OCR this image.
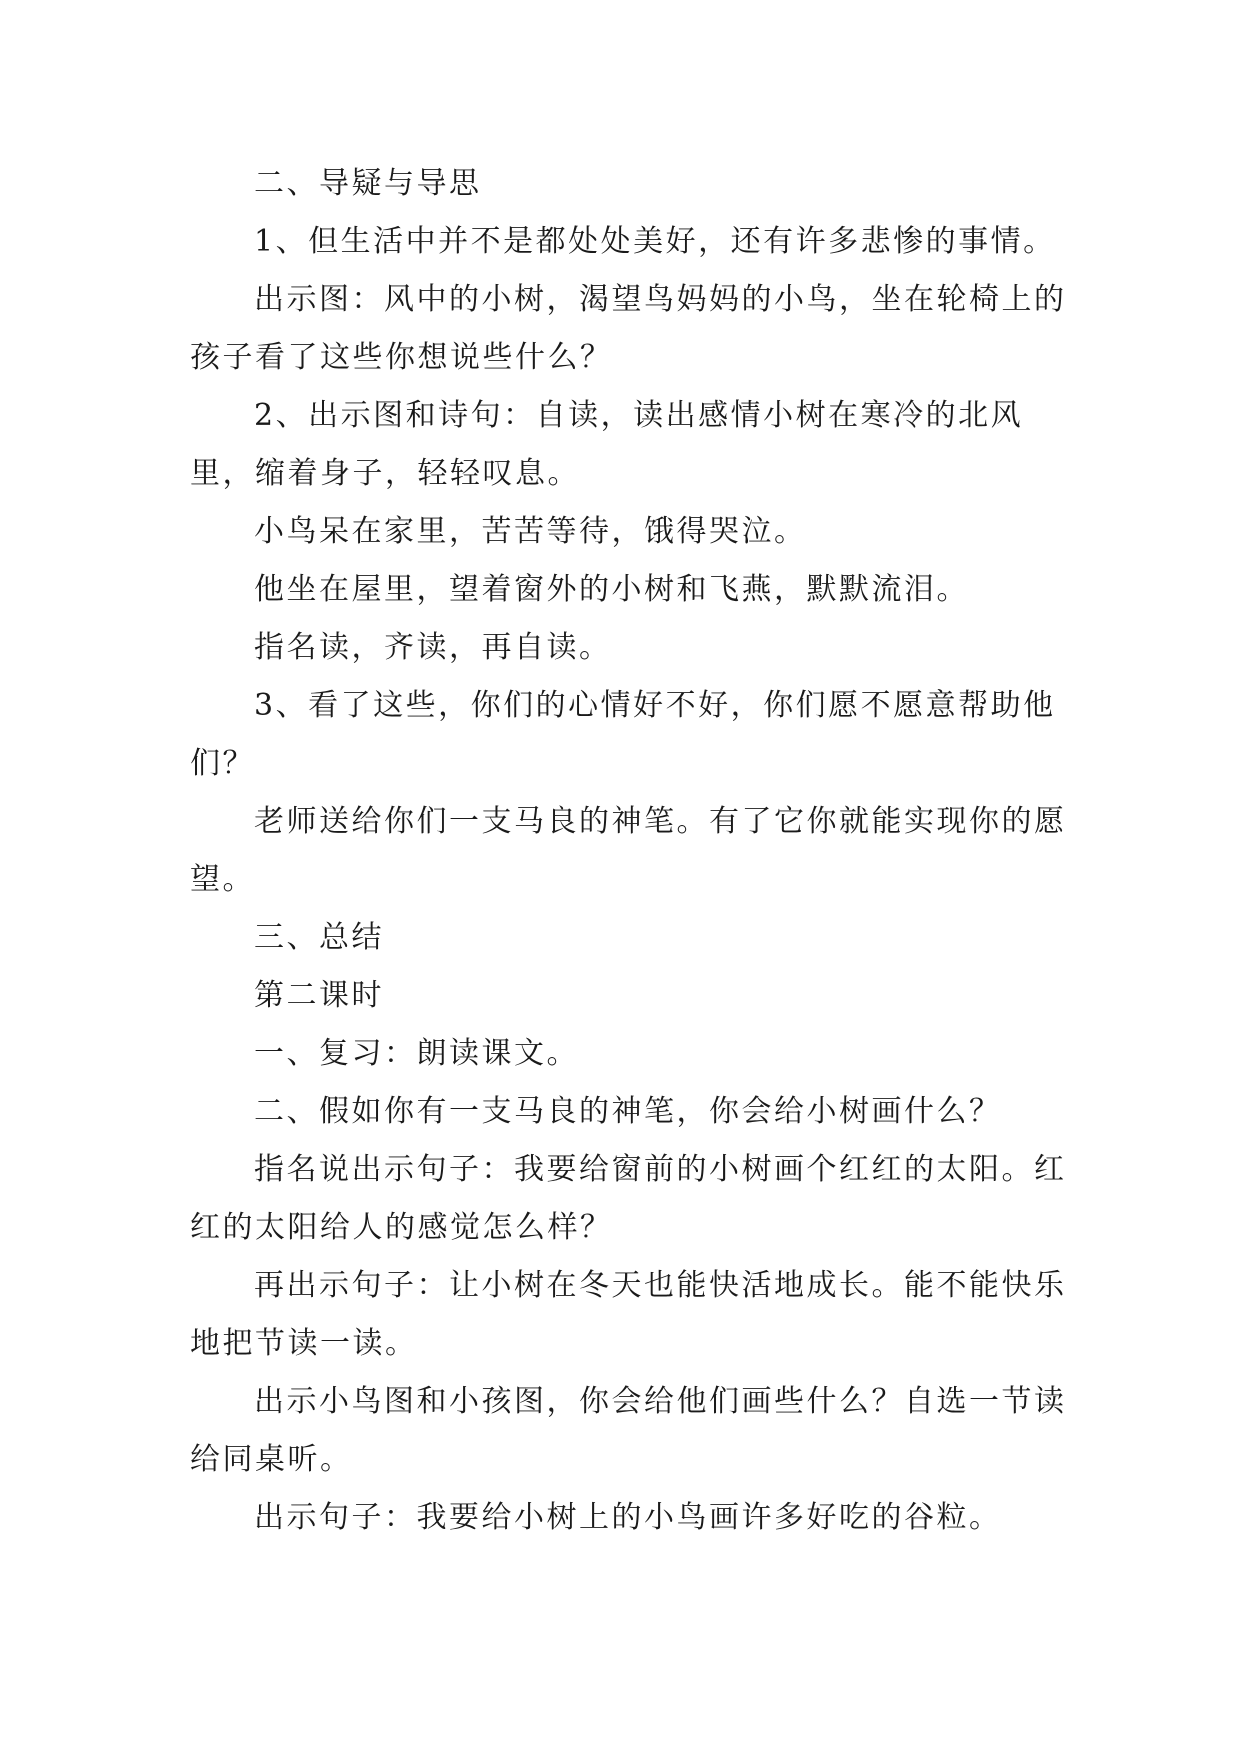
二、导疑与导思

1、但生活中并不是都处处美好，还有许多悲惨的事情。

出示图：风中的小树，渴望鸟妈妈的小鸟，坐在轮椅上的孩子看了这些你想说些什么？

2、出示图和诗句：自读，读出感情小树在寒冷的北风里，缩着身子，轻轻叹息。

小鸟呆在家里，苦苦等待，饿得哭泣。

他坐在屋里，望着窗外的小树和飞燕，默默流泪。

指名读，齐读，再自读。

3、看了这些，你们的心情好不好，你们愿不愿意帮助他们？

老师送给你们一支马良的神笔。有了它你就能实现你的愿望。

三、总结

第二课时

一、复习：朗读课文。

二、假如你有一支马良的神笔，你会给小树画什么？

指名说出示句子：我要给窗前的小树画个红红的太阳。红红的太阳给人的感觉怎么样？

再出示句子：让小树在冬天也能快活地成长。能不能快乐地把节读一读。

出示小鸟图和小孩图，你会给他们画些什么？自选一节读给同桌听。

出示句子：我要给小树上的小鸟画许多好吃的谷粒。
